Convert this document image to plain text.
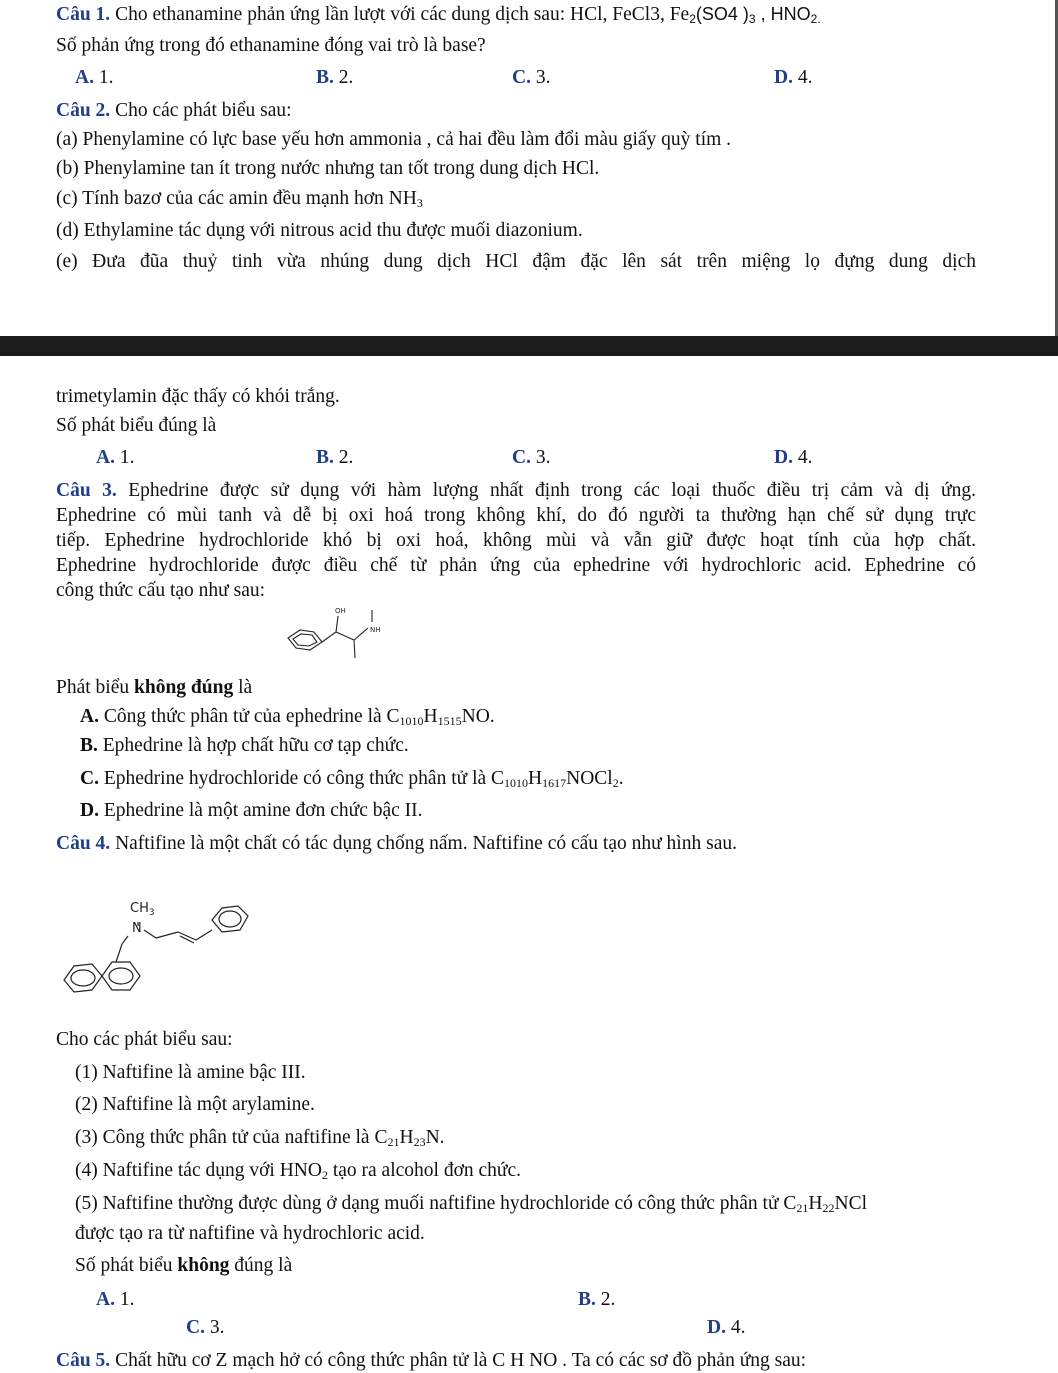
Câu 1. Cho ethanamine phản ứng lần lượt với các dung dịch sau: HCl, FeCl3, $Fe_2(SO4$ )$_3$ , $HNO_{2.}$
Số phản ứng trong đó ethanamine đóng vai trò là base?
A. 1.	B. 2.	C. 3.	D. 4.
Câu 2. Cho các phát biểu sau:
(a) Phenylamine có lực base yếu hơn ammonia , cả hai đều làm đổi màu giấy quỳ tím .
(b) Phenylamine tan ít trong nước nhưng tan tốt trong dung dịch HCl.
(c) Tính bazơ của các amin đều mạnh hơn $NH_3$
(d) Ethylamine tác dụng với nitrous acid thu được muối diazonium.
(e) Đưa đũa thuỷ tinh vừa nhúng dung dịch HCl đậm đặc lên sát trên miệng lọ đựng dung dịch
trimetylamin đặc thấy có khói trắng.
Số phát biểu đúng là
A. 1.	B. 2.	C. 3.	D. 4.
Câu 3. Ephedrine được sử dụng với hàm lượng nhất định trong các loại thuốc điều trị cảm và dị ứng.
Ephedrine có mùi tanh và dễ bị oxi hoá trong không khí, do đó người ta thường hạn chế sử dụng trực
tiếp. Ephedrine hydrochloride khó bị oxi hoá, không mùi và vẫn giữ được hoạt tính của hợp chất.
Ephedrine hydrochloride được điều chế từ phản ứng của ephedrine với hydrochloric acid. Ephedrine có
công thức cấu tạo như sau:
OH
NH
Phát biểu không đúng là
A. Công thức phân tử của ephedrine là $C_{1010}H_{1515}NO$.
B. Ephedrine là hợp chất hữu cơ tạp chức.
C. Ephedrine hydrochloride có công thức phân tử là $C_{1010}H_{1617}NOCl_2$.
D. Ephedrine là một amine đơn chức bậc II.
Câu 4. Naftifine là một chất có tác dụng chống nấm. Naftifine có cấu tạo như hình sau.
$CH_3$
N
Cho các phát biểu sau:
(1) Naftifine là amine bậc III.
(2) Naftifine là một arylamine.
(3) Công thức phân tử của naftifine là $C_{21}H_{23}N$.
(4) Naftifine tác dụng với $HNO_2$ tạo ra alcohol đơn chức.
(5) Naftifine thường được dùng ở dạng muối naftifine hydrochloride có công thức phân tử $C_{21}H_{22}NCl$
được tạo ra từ naftifine và hydrochloric acid.
Số phát biểu không đúng là
A. 1.	B. 2.
C. 3.	D. 4.
Câu 5. Chất hữu cơ Z mạch hở có công thức phân tử là C H NO . Ta có các sơ đồ phản ứng sau:
